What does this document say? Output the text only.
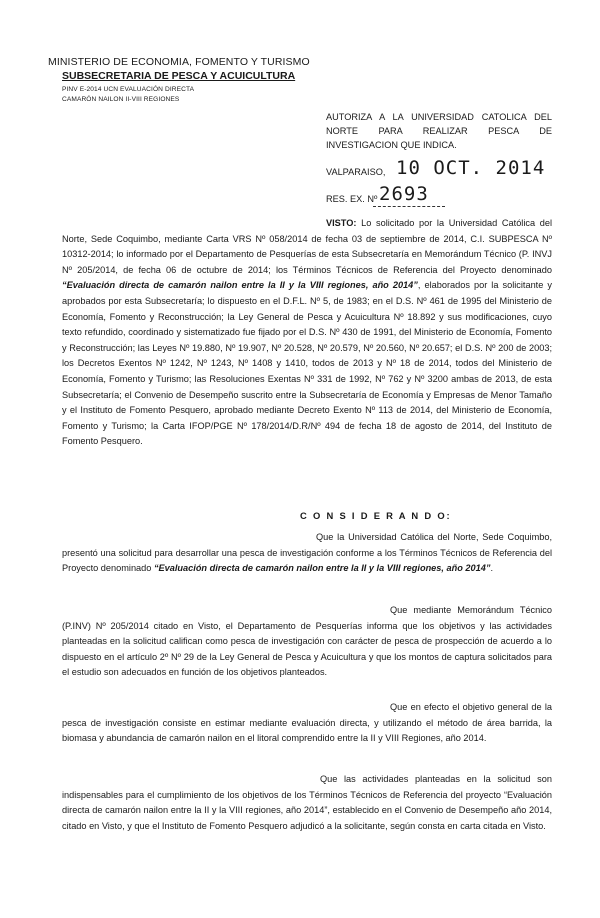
MINISTERIO DE ECONOMIA, FOMENTO Y TURISMO
SUBSECRETARIA DE PESCA Y ACUICULTURA
PINV E-2014 UCN EVALUACIÓN DIRECTA
CAMARÓN NAILON II-VIII REGIONES
AUTORIZA A LA UNIVERSIDAD CATOLICA DEL NORTE PARA REALIZAR PESCA DE INVESTIGACION QUE INDICA.
VALPARAISO, 10 OCT. 2014
RES. EX. Nº 2693

VISTO: Lo solicitado por la Universidad Católica del Norte, Sede Coquimbo, mediante Carta VRS Nº 058/2014 de fecha 03 de septiembre de 2014, C.I. SUBPESCA Nº 10312-2014; lo informado por el Departamento de Pesquerías de esta Subsecretaría en Memorándum Técnico (P. INVJ Nº 205/2014, de fecha 06 de octubre de 2014; los Términos Técnicos de Referencia del Proyecto denominado “Evaluación directa de camarón nailon entre la II y la VIII regiones, año 2014”, elaborados por la solicitante y aprobados por esta Subsecretaría; lo dispuesto en el D.F.L. Nº 5, de 1983; en el D.S. Nº 461 de 1995 del Ministerio de Economía, Fomento y Reconstrucción; la Ley General de Pesca y Acuicultura Nº 18.892 y sus modificaciones, cuyo texto refundido, coordinado y sistematizado fue fijado por el D.S. Nº 430 de 1991, del Ministerio de Economía, Fomento y Reconstrucción; las Leyes Nº 19.880, Nº 19.907, Nº 20.528, Nº 20.579, Nº 20.560, Nº 20.657; el D.S. Nº 200 de 2003; los Decretos Exentos Nº 1242, Nº 1243, Nº 1408 y 1410, todos de 2013 y Nº 18 de 2014, todos del Ministerio de Economía, Fomento y Turismo; las Resoluciones Exentas Nº 331 de 1992, Nº 762 y Nº 3200 ambas de 2013, de esta Subsecretaría; el Convenio de Desempeño suscrito entre la Subsecretaría de Economía y Empresas de Menor Tamaño y el Instituto de Fomento Pesquero, aprobado mediante Decreto Exento Nº 113 de 2014, del Ministerio de Economía, Fomento y Turismo; la Carta IFOP/PGE Nº 178/2014/D.R/Nº 494 de fecha 18 de agosto de 2014, del Instituto de Fomento Pesquero.

C O N S I D E R A N D O:

Que la Universidad Católica del Norte, Sede Coquimbo, presentó una solicitud para desarrollar una pesca de investigación conforme a los Términos Técnicos de Referencia del Proyecto denominado “Evaluación directa de camarón nailon entre la II y la VIII regiones, año 2014”.

Que mediante Memorándum Técnico (P.INV) Nº 205/2014 citado en Visto, el Departamento de Pesquerías informa que los objetivos y las actividades planteadas en la solicitud califican como pesca de investigación con carácter de pesca de prospección de acuerdo a lo dispuesto en el artículo 2º Nº 29 de la Ley General de Pesca y Acuicultura y que los montos de captura solicitados para el estudio son adecuados en función de los objetivos planteados.

Que en efecto el objetivo general de la pesca de investigación consiste en estimar mediante evaluación directa, y utilizando el método de área barrida, la biomasa y abundancia de camarón nailon en el litoral comprendido entre la II y VIII Regiones, año 2014.

Que las actividades planteadas en la solicitud son indispensables para el cumplimiento de los objetivos de los Términos Técnicos de Referencia del proyecto “Evaluación directa de camarón nailon entre la II y la VIII regiones, año 2014”, establecido en el Convenio de Desempeño año 2014, citado en Visto, y que el Instituto de Fomento Pesquero adjudicó a la solicitante, según consta en carta citada en Visto.
